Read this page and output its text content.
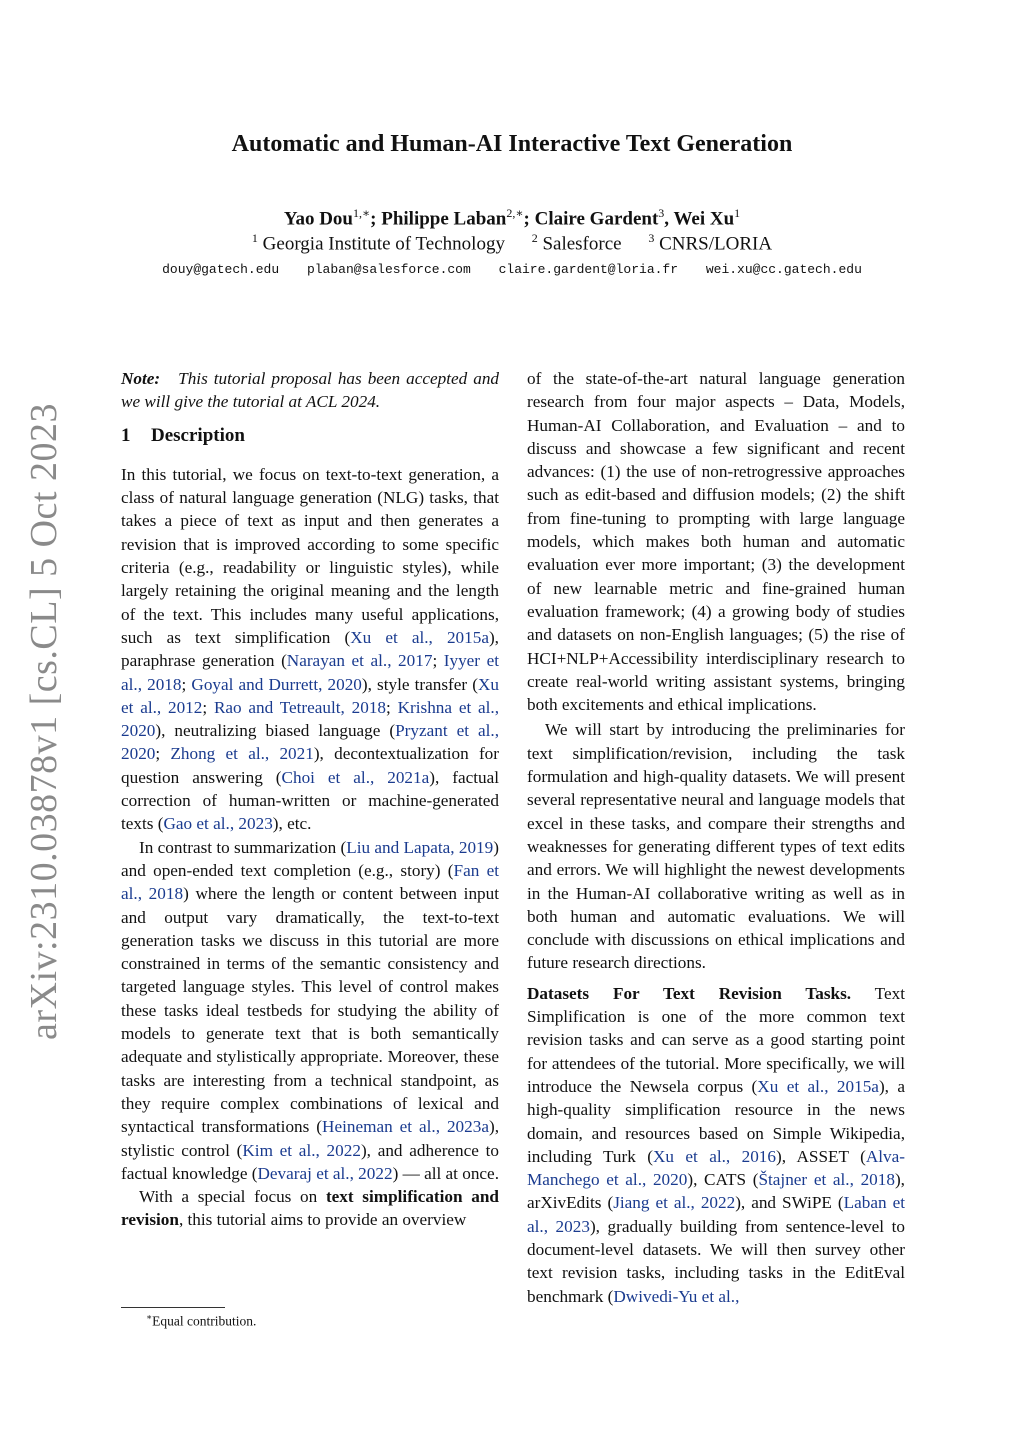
arXiv:2310.03878v1 [cs.CL] 5 Oct 2023
Automatic and Human-AI Interactive Text Generation
Yao Dou$^{1,∗}$; Philippe Laban$^{2,∗}$; Claire Gardent$^3$, Wei Xu$^1$
$^1$ Georgia Institute of Technology $^2$ Salesforce $^3$ CNRS/LORIA
douy@gatech.edu plaban@salesforce.com claire.gardent@loria.fr wei.xu@cc.gatech.edu

Note: This tutorial proposal has been accepted and we will give the tutorial at ACL 2024.

1 Description

In this tutorial, we focus on text-to-text generation, a class of natural language generation (NLG) tasks, that takes a piece of text as input and then generates a revision that is improved according to some specific criteria (e.g., readability or linguistic styles), while largely retaining the original meaning and the length of the text. This includes many useful applications, such as text simplification (Xu et al., 2015a), paraphrase generation (Narayan et al., 2017; Iyyer et al., 2018; Goyal and Durrett, 2020), style transfer (Xu et al., 2012; Rao and Tetreault, 2018; Krishna et al., 2020), neutralizing biased language (Pryzant et al., 2020; Zhong et al., 2021), decontextualization for question answering (Choi et al., 2021a), factual correction of human-written or machine-generated texts (Gao et al., 2023), etc.

In contrast to summarization (Liu and Lapata, 2019) and open-ended text completion (e.g., story) (Fan et al., 2018) where the length or content between input and output vary dramatically, the text-to-text generation tasks we discuss in this tutorial are more constrained in terms of the semantic consistency and targeted language styles. This level of control makes these tasks ideal testbeds for studying the ability of models to generate text that is both semantically adequate and stylistically appropriate. Moreover, these tasks are interesting from a technical standpoint, as they require complex combinations of lexical and syntactical transformations (Heineman et al., 2023a), stylistic control (Kim et al., 2022), and adherence to factual knowledge (Devaraj et al., 2022) — all at once.

With a special focus on text simplification and revision, this tutorial aims to provide an overview

of the state-of-the-art natural language generation research from four major aspects – Data, Models, Human-AI Collaboration, and Evaluation – and to discuss and showcase a few significant and recent advances: (1) the use of non-retrogressive approaches such as edit-based and diffusion models; (2) the shift from fine-tuning to prompting with large language models, which makes both human and automatic evaluation ever more important; (3) the development of new learnable metric and fine-grained human evaluation framework; (4) a growing body of studies and datasets on non-English languages; (5) the rise of HCI+NLP+Accessibility interdisciplinary research to create real-world writing assistant systems, bringing both excitements and ethical implications.

We will start by introducing the preliminaries for text simplification/revision, including the task formulation and high-quality datasets. We will present several representative neural and language models that excel in these tasks, and compare their strengths and weaknesses for generating different types of text edits and errors. We will highlight the newest developments in the Human-AI collaborative writing as well as in both human and automatic evaluations. We will conclude with discussions on ethical implications and future research directions.

Datasets For Text Revision Tasks. Text Simplification is one of the more common text revision tasks and can serve as a good starting point for attendees of the tutorial. More specifically, we will introduce the Newsela corpus (Xu et al., 2015a), a high-quality simplification resource in the news domain, and resources based on Simple Wikipedia, including Turk (Xu et al., 2016), ASSET (Alva-Manchego et al., 2020), CATS (Štajner et al., 2018), arXivEdits (Jiang et al., 2022), and SWiPE (Laban et al., 2023), gradually building from sentence-level to document-level datasets. We will then survey other text revision tasks, including tasks in the EditEval benchmark (Dwivedi-Yu et al.,

∗Equal contribution.
